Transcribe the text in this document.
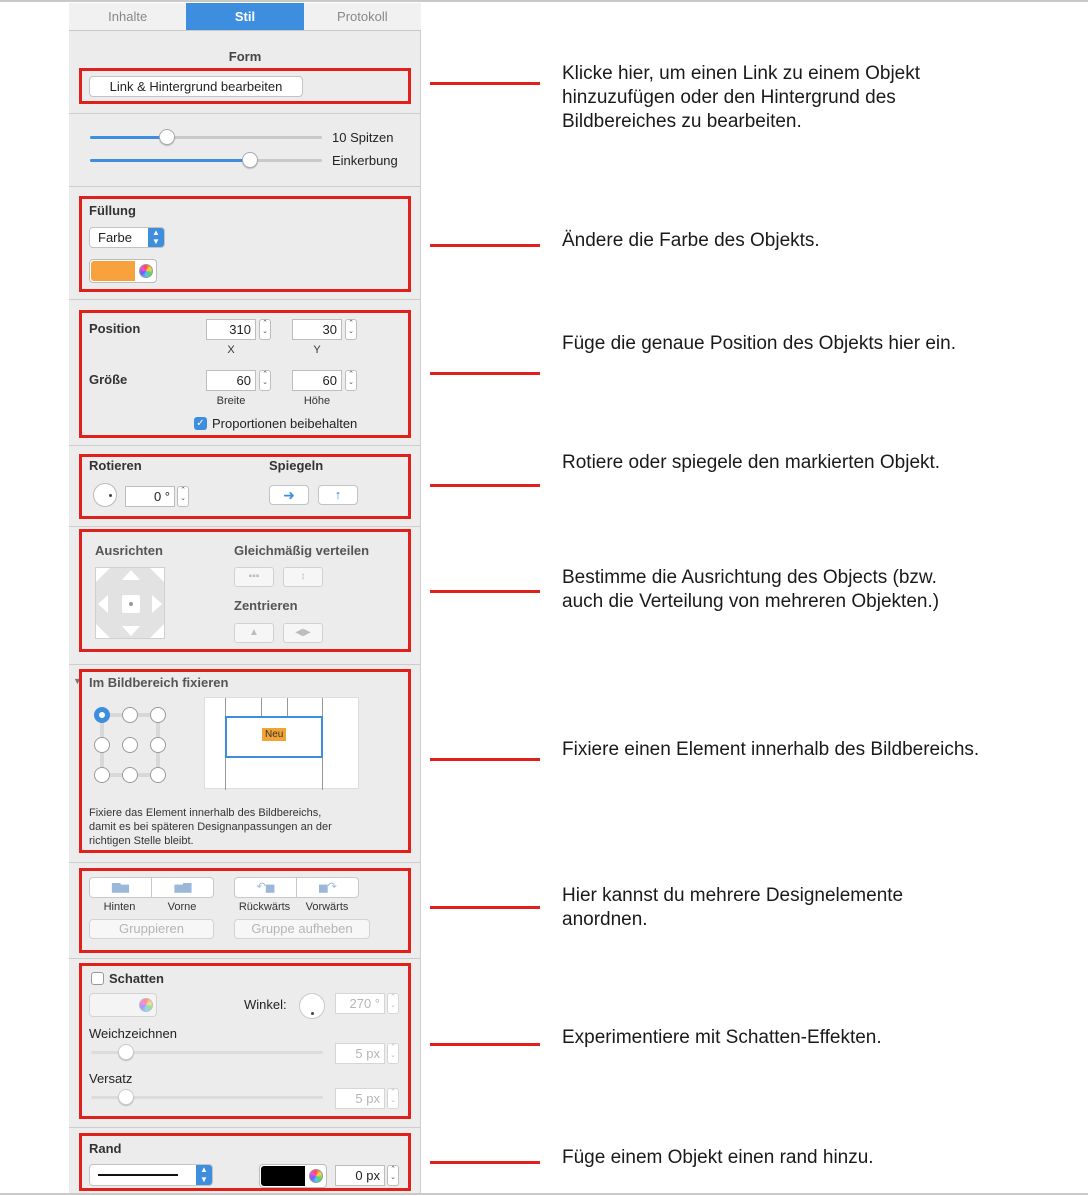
Inhalte	Stil	Protokoll
Form
Link & Hintergrund bearbeiten
10 Spitzen
Einkerbung
Füllung
Farbe	▲
▼
Position	310	⌃
⌄
X
30	⌃
⌄
Y
Größe	60	⌃
⌄
Breite
60	⌃
⌄
Höhe
✓ Proportionen beibehalten
Rotieren
0 °	⌃
⌄
Spiegeln
➜	↑
Ausrichten	Gleichmäßig verteilen
▪▪▪	↕
Zentrieren
▲	◀▶
▼ Im Bildbereich fixieren
Neu
Fixiere das Element innerhalb des Bildbereichs,
damit es bei späteren Designanpassungen an der
richtigen Stelle bleibt.
▆▅	▅▆
Hinten	Vorne
↶▅	▅↷
Rückwärts	Vorwärts
Gruppieren	Gruppe aufheben
Schatten
Winkel:	270 °	⌃
⌄
Weichzeichnen
5 px	⌃
⌄
Versatz
5 px	⌃
⌄
Rand
▲
▼	0 px	⌃
⌄
Klicke hier, um einen Link zu einem Objekt
hinzuzufügen oder den Hintergrund des
Bildbereiches zu bearbeiten.
Ändere die Farbe des Objekts.
Füge die genaue Position des Objekts hier ein.
Rotiere oder spiegele den markierten Objekt.
Bestimme die Ausrichtung des Objects (bzw.
auch die Verteilung von mehreren Objekten.)
Fixiere einen Element innerhalb des Bildbereichs.
Hier kannst du mehrere Designelemente
anordnen.
Experimentiere mit Schatten-Effekten.
Füge einem Objekt einen rand hinzu.
